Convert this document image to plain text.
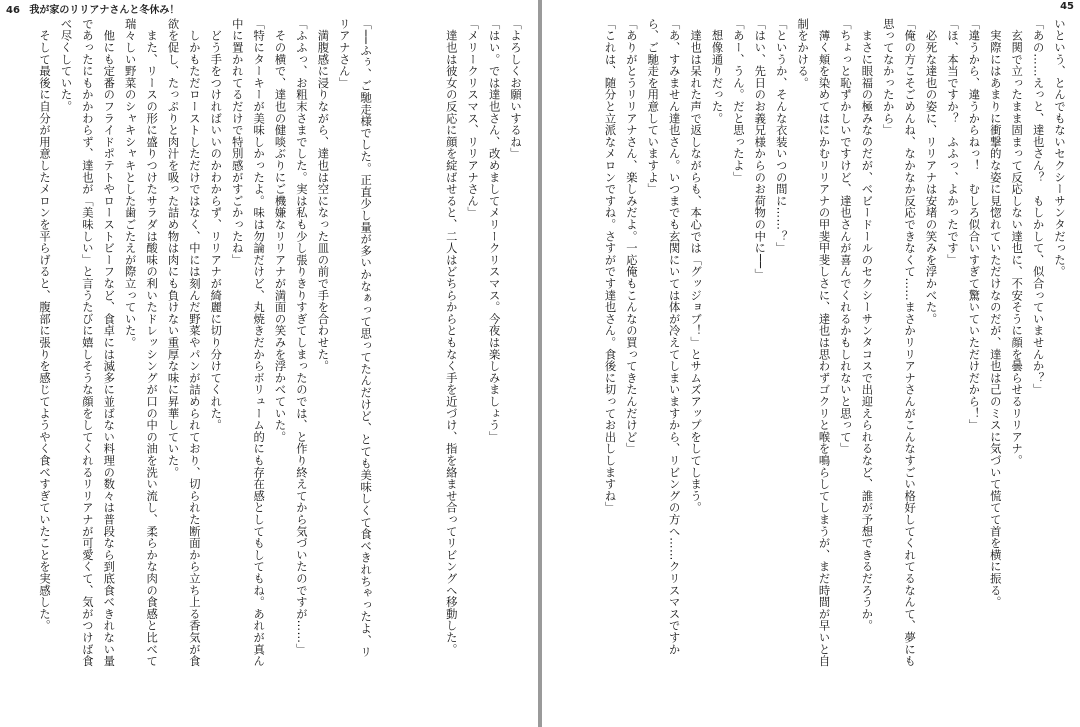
46 我が家のリリアナさんと冬休み！
「よろしくお願いするね」
「はい。では達也さん、改めましてメリークリスマス。今夜は楽しみましょう」
「メリークリスマス、リリアナさん」
　達也は彼女の反応に顔を綻ばせると、二人はどちらからともなく手を近づけ、指を絡ませ合ってリビングへ移動した。

「──ふぅ、ご馳走様でした。正直少し量が多いかなぁって思ってたんだけど、とても美味しくて食べきれちゃったよ、リ
リアナさん」
　満腹感に浸りながら、達也は空になった皿の前で手を合わせた。
「ふふっ、お粗末さまでした。実は私も少し張りきりすぎてしまったのでは、と作り終えてから気づいたのですが……」
　その横で、達也の健啖ぶりにご機嫌なリリアナが満面の笑みを浮かべていた。
「特にターキーが美味しかったよ。味は勿論だけど、丸焼きだからボリューム的にも存在感としてもしてもね。あれが真ん
中に置かれてるだけで特別感がすごかったね」
　どう手をつければいいのかわからず、リリアナが綺麗に切り分けてくれた。
　しかもただローストしただけではなく、中には刻んだ野菜やパンが詰められており、切られた断面から立ち上る香気が食
欲を促し、たっぷりと肉汁を吸った詰め物は肉にも負けない重厚な味に昇華していた。
　また、リースの形に盛りつけたサラダは酸味の利いたドレッシングが口の中の油を洗い流し、柔らかな肉の食感と比べて
瑞々しい野菜のシャキシャキとした歯ごたえが際立っていた。
　他にも定番のフライドポテトやローストビーフなど、食卓には滅多に並ばない料理の数々は普段なら到底食べきれない量
であったにもかかわらず、達也が「美味しい」と言うたびに嬉しそうな顔をしてくれるリリアナが可愛くて、気がつけば食
べ尽くしていた。
　そして最後に自分が用意したメロンを平らげると、腹部に張りを感じてようやく食べすぎていたことを実感した。
45
いという、とんでもないセクシーサンタだった。
「あの……えっと、達也さん？　もしかして、似合っていませんか？」
　玄関で立ったまま固まって反応しない達也に、不安そうに顔を曇らせるリリアナ。
　実際にはあまりに衝撃的な姿に見惚れていただけなのだが、達也は己のミスに気づいて慌てて首を横に振る。
「違うから、違うからねっ！　むしろ似合いすぎて驚いていただけだから！」
「ほ、本当ですか？　ふふっ、よかったです」
　必死な達也の姿に、リリアナは安堵の笑みを浮かべた。
「俺の方こそごめんね、なかなか反応できなくて……まさかリリアナさんがこんなすごい格好してくれてるなんて、夢にも
思ってなかったから」
　まさに眼福の極みなのだが、ベビードールのセクシーサンタコスで出迎えられるなど、誰が予想できるだろうか。
「ちょっと恥ずかしいですけど、達也さんが喜んでくれるかもしれないと思って」
　薄く頬を染めてはにかむリリアナの甲斐甲斐しさに、達也は思わずゴクリと喉を鳴らしてしまうが、まだ時間が早いと自
制をかける。
「というか、そんな衣装いつの間に……？」
「はい、先日のお義兄様からのお荷物の中に──」
「あー、うん。だと思ったよ」
　想像通りだった。
　達也は呆れた声で返しながらも、本心では「グッジョブ！」とサムズアップをしてしまう。
「あ、すみません達也さん。いつまでも玄関にいては体が冷えてしまいますから、リビングの方へ……クリスマスですか
ら、ご馳走を用意していますよ」
「ありがとうリリアナさん、楽しみだよ。一応俺もこんなの買ってきたんだけど」
「これは、随分と立派なメロンですね。さすがです達也さん。食後に切ってお出ししますね」
